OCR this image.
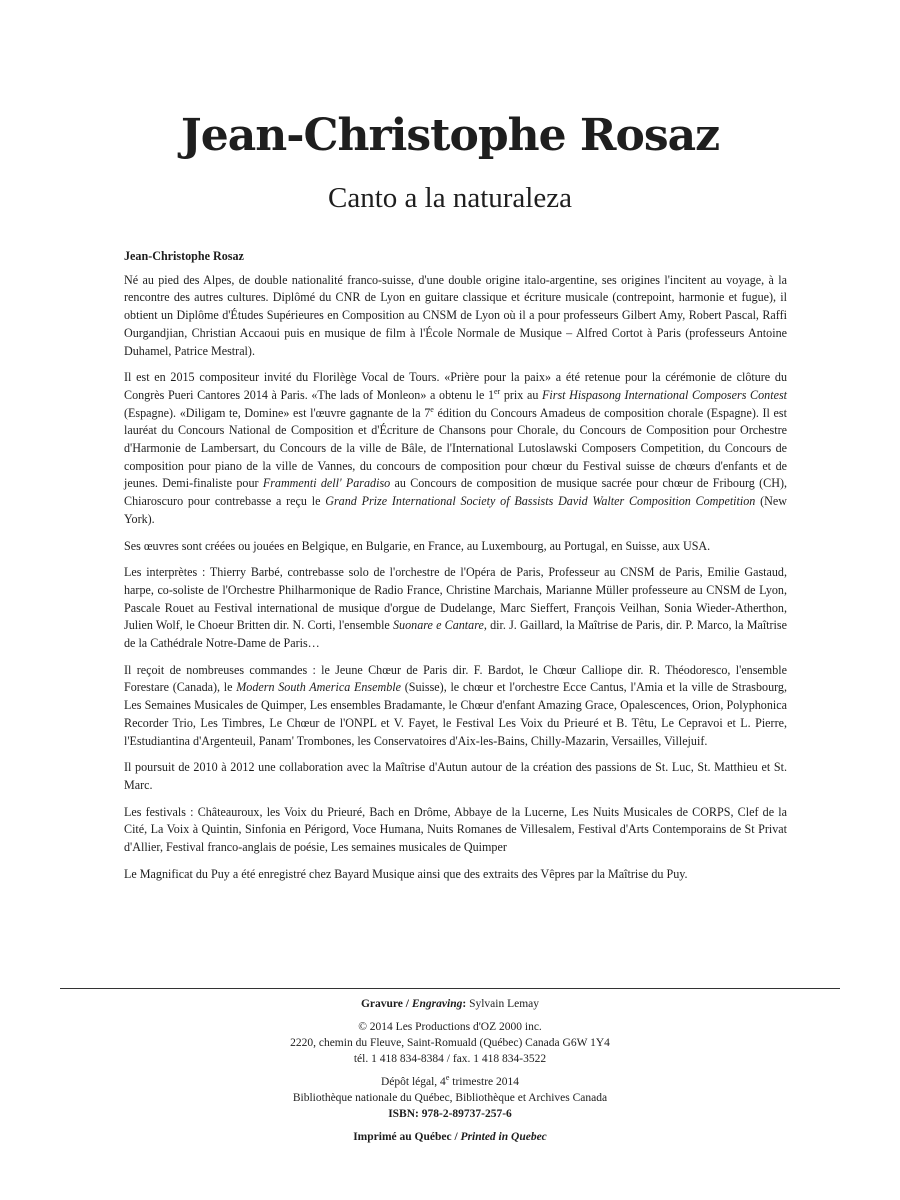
Jean-Christophe Rosaz
Canto a la naturaleza
Jean-Christophe Rosaz

Né au pied des Alpes, de double nationalité franco-suisse, d'une double origine italo-argentine, ses origines l'incitent au voyage, à la rencontre des autres cultures. Diplômé du CNR de Lyon en guitare classique et écriture musicale (contrepoint, harmonie et fugue), il obtient un Diplôme d'Études Supérieures en Composition au CNSM de Lyon où il a pour professeurs Gilbert Amy, Robert Pascal, Raffi Ourgandjian, Christian Accaoui puis en musique de film à l'École Normale de Musique – Alfred Cortot à Paris (professeurs Antoine Duhamel, Patrice Mestral).

Il est en 2015 compositeur invité du Florilège Vocal de Tours. «Prière pour la paix» a été retenue pour la cérémonie de clôture du Congrès Pueri Cantores 2014 à Paris. «The lads of Monleon» a obtenu le 1er prix au First Hispasong International Composers Contest (Espagne). «Diligam te, Domine» est l'œuvre gagnante de la 7e édition du Concours Amadeus de composition chorale (Espagne). Il est lauréat du Concours National de Composition et d'Écriture de Chansons pour Chorale, du Concours de Composition pour Orchestre d'Harmonie de Lambersart, du Concours de la ville de Bâle, de l'International Lutoslawski Composers Competition, du Concours de composition pour piano de la ville de Vannes, du concours de composition pour chœur du Festival suisse de chœurs d'enfants et de jeunes. Demi-finaliste pour Frammenti dell' Paradiso au Concours de composition de musique sacrée pour chœur de Fribourg (CH), Chiaroscuro pour contrebasse a reçu le Grand Prize International Society of Bassists David Walter Composition Competition (New York).

Ses œuvres sont créées ou jouées en Belgique, en Bulgarie, en France, au Luxembourg, au Portugal, en Suisse, aux USA.

Les interprètes : Thierry Barbé, contrebasse solo de l'orchestre de l'Opéra de Paris, Professeur au CNSM de Paris, Emilie Gastaud, harpe, co-soliste de l'Orchestre Philharmonique de Radio France, Christine Marchais, Marianne Müller professeure au CNSM de Lyon, Pascale Rouet au Festival international de musique d'orgue de Dudelange, Marc Sieffert, François Veilhan, Sonia Wieder-Atherthon, Julien Wolf, le Choeur Britten dir. N. Corti, l'ensemble Suonare e Cantare, dir. J. Gaillard, la Maîtrise de Paris, dir. P. Marco, la Maîtrise de la Cathédrale Notre-Dame de Paris…

Il reçoit de nombreuses commandes : le Jeune Chœur de Paris dir. F. Bardot, le Chœur Calliope dir. R. Théodoresco, l'ensemble Forestare (Canada), le Modern South America Ensemble (Suisse), le chœur et l'orchestre Ecce Cantus, l'Amia et la ville de Strasbourg, Les Semaines Musicales de Quimper, Les ensembles Bradamante, le Chœur d'enfant Amazing Grace, Opalescences, Orion, Polyphonica Recorder Trio, Les Timbres, Le Chœur de l'ONPL et V. Fayet, le Festival Les Voix du Prieuré et B. Têtu, Le Cepravoi et L. Pierre, l'Estudiantina d'Argenteuil, Panam' Trombones, les Conservatoires d'Aix-les-Bains, Chilly-Mazarin, Versailles, Villejuif.

Il poursuit de 2010 à 2012 une collaboration avec la Maîtrise d'Autun autour de la création des passions de St. Luc, St. Matthieu et St. Marc.

Les festivals : Châteauroux, les Voix du Prieuré, Bach en Drôme, Abbaye de la Lucerne, Les Nuits Musicales de CORPS, Clef de la Cité, La Voix à Quintin, Sinfonia en Périgord, Voce Humana, Nuits Romanes de Villesalem, Festival d'Arts Contemporains de St Privat d'Allier, Festival franco-anglais de poésie, Les semaines musicales de Quimper

Le Magnificat du Puy a été enregistré chez Bayard Musique ainsi que des extraits des Vêpres par la Maîtrise du Puy.

Gravure / Engraving: Sylvain Lemay
© 2014 Les Productions d'OZ 2000 inc.
2220, chemin du Fleuve, Saint-Romuald (Québec) Canada G6W 1Y4
tél. 1 418 834-8384 / fax. 1 418 834-3522
Dépôt légal, 4e trimestre 2014
Bibliothèque nationale du Québec, Bibliothèque et Archives Canada
ISBN: 978-2-89737-257-6
Imprimé au Québec / Printed in Quebec
